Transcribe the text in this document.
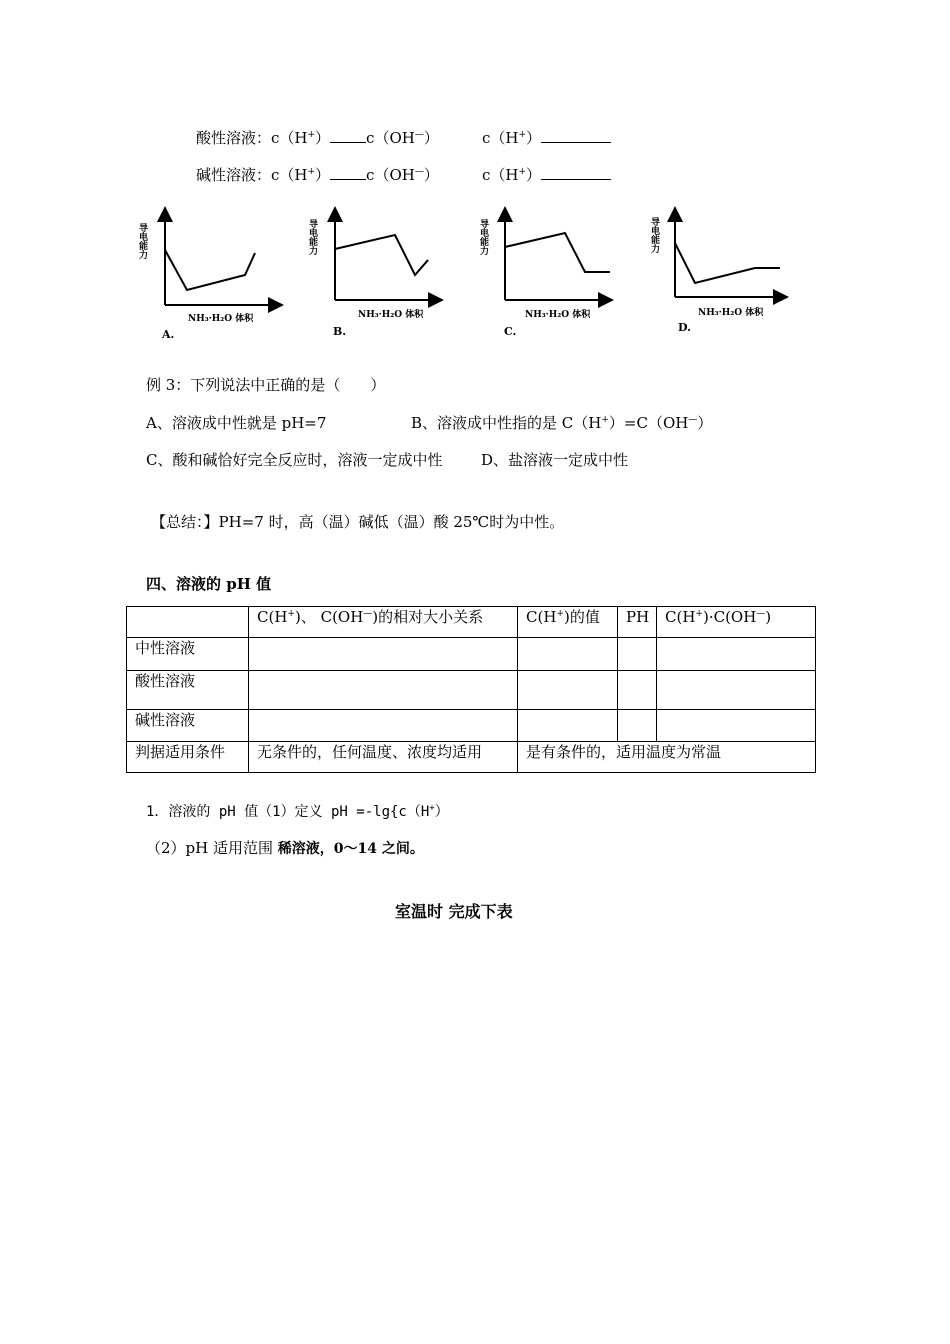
酸性溶液：c（H+） c（OH—）	c（H+）
碱性溶液：c（H+） c（OH—）	c（H+）
导电能力
NH₃·H₂O 体积
A.
导电能力
NH₃·H₂O 体积
B.
导电能力
NH₃·H₂O 体积
C.
导电能力
NH₃·H₂O 体积
D.
例 3：下列说法中正确的是（　　）
A、溶液成中性就是 pH=7	B、溶液成中性指的是 C（H+）=C（OH—）
C、酸和碱恰好完全反应时，溶液一定成中性	D、盐溶液一定成中性
【总结：】PH=7 时，高（温）碱低（温）酸 25℃时为中性。
四、溶液的 pH 值
	C(H+)、 C(OH—)的相对大小关系	C(H+)的值	PH	C(H+)·C(OH—)
中性溶液				
酸性溶液				
碱性溶液				
判据适用条件	无条件的，任何温度、浓度均适用	是有条件的，适用温度为常温		
1．溶液的 pH 值（1）定义 pH =-lg{c（H+）
（2）pH 适用范围 稀溶液，0～14 之间。
室温时 完成下表
